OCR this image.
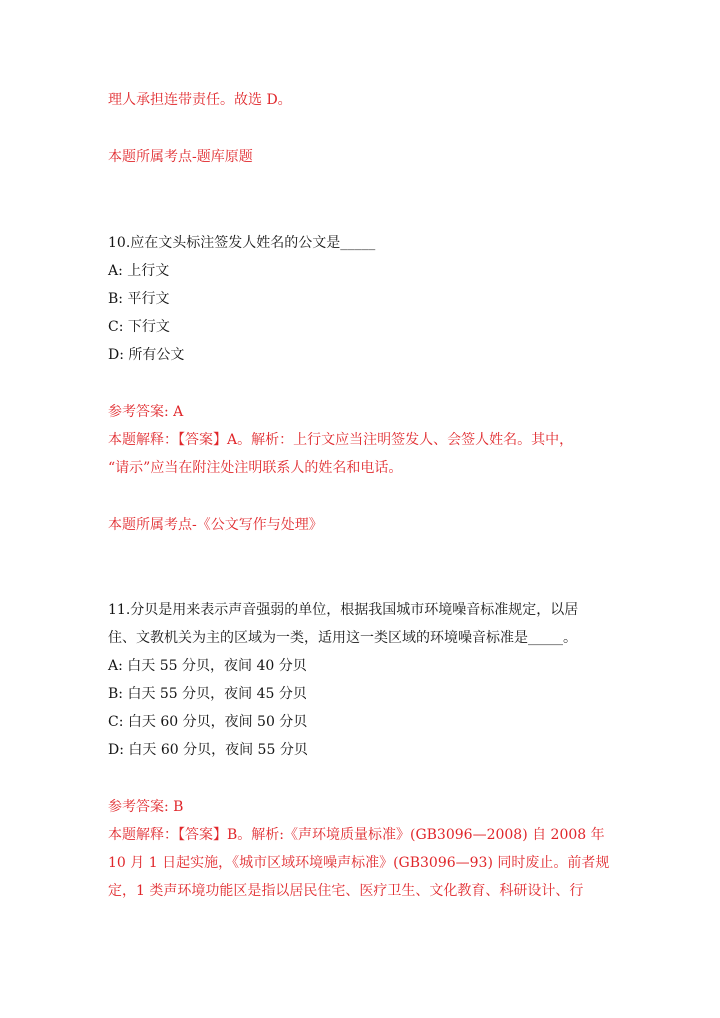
理人承担连带责任。故选 D。
本题所属考点-题库原题
10.应在文头标注签发人姓名的公文是_____
A: 上行文
B: 平行文
C: 下行文
D: 所有公文
参考答案: A
本题解释：【答案】A。解析：上行文应当注明签发人、会签人姓名。其中，
“请示”应当在附注处注明联系人的姓名和电话。
本题所属考点-《公文写作与处理》
11.分贝是用来表示声音强弱的单位，根据我国城市环境噪音标准规定，以居
住、文教机关为主的区域为一类，适用这一类区域的环境噪音标准是_____。
A: 白天 55 分贝，夜间 40 分贝
B: 白天 55 分贝，夜间 45 分贝
C: 白天 60 分贝，夜间 50 分贝
D: 白天 60 分贝，夜间 55 分贝
参考答案: B
本题解释：【答案】B。解析:《声环境质量标准》(GB3096—2008) 自 2008 年
10 月 1 日起实施，《城市区域环境噪声标准》(GB3096—93) 同时废止。前者规
定，1 类声环境功能区是指以居民住宅、医疗卫生、文化教育、科研设计、行
